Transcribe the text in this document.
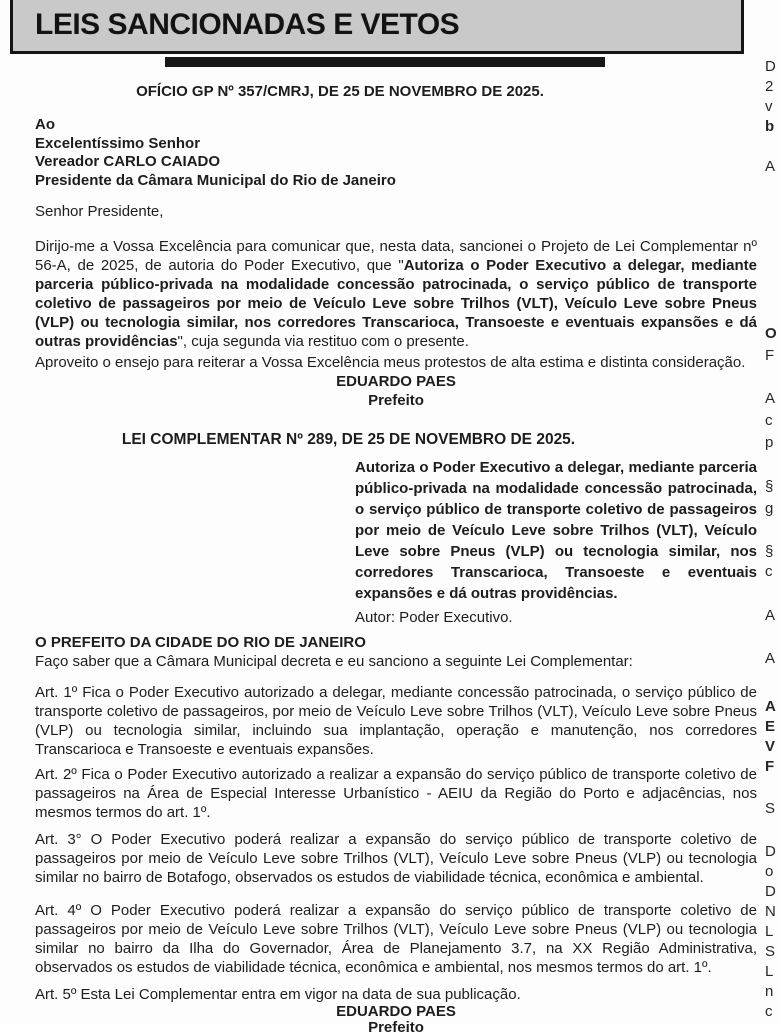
LEIS SANCIONADAS E VETOS
OFÍCIO GP Nº 357/CMRJ, DE 25 DE NOVEMBRO DE 2025.
Ao
Excelentíssimo Senhor
Vereador CARLO CAIADO
Presidente da Câmara Municipal do Rio de Janeiro
Senhor Presidente,
Dirijo-me a Vossa Excelência para comunicar que, nesta data, sancionei o Projeto de Lei Complementar nº 56-A, de 2025, de autoria do Poder Executivo, que "Autoriza o Poder Executivo a delegar, mediante parceria público-privada na modalidade concessão patrocinada, o serviço público de transporte coletivo de passageiros por meio de Veículo Leve sobre Trilhos (VLT), Veículo Leve sobre Pneus (VLP) ou tecnologia similar, nos corredores Transcarioca, Transoeste e eventuais expansões e dá outras providências", cuja segunda via restituo com o presente.
Aproveito o ensejo para reiterar a Vossa Excelência meus protestos de alta estima e distinta consideração.
EDUARDO PAES
Prefeito
LEI COMPLEMENTAR Nº 289, DE 25 DE NOVEMBRO DE 2025.
Autoriza o Poder Executivo a delegar, mediante parceria público-privada na modalidade concessão patrocinada, o serviço público de transporte coletivo de passageiros por meio de Veículo Leve sobre Trilhos (VLT), Veículo Leve sobre Pneus (VLP) ou tecnologia similar, nos corredores Transcarioca, Transoeste e eventuais expansões e dá outras providências.
Autor: Poder Executivo.
O PREFEITO DA CIDADE DO RIO DE JANEIRO
Faço saber que a Câmara Municipal decreta e eu sanciono a seguinte Lei Complementar:
Art. 1º Fica o Poder Executivo autorizado a delegar, mediante concessão patrocinada, o serviço público de transporte coletivo de passageiros, por meio de Veículo Leve sobre Trilhos (VLT), Veículo Leve sobre Pneus (VLP) ou tecnologia similar, incluindo sua implantação, operação e manutenção, nos corredores Transcarioca e Transoeste e eventuais expansões.
Art. 2º Fica o Poder Executivo autorizado a realizar a expansão do serviço público de transporte coletivo de passageiros na Área de Especial Interesse Urbanístico - AEIU da Região do Porto e adjacências, nos mesmos termos do art. 1º.
Art. 3° O Poder Executivo poderá realizar a expansão do serviço público de transporte coletivo de passageiros por meio de Veículo Leve sobre Trilhos (VLT), Veículo Leve sobre Pneus (VLP) ou tecnologia similar no bairro de Botafogo, observados os estudos de viabilidade técnica, econômica e ambiental.
Art. 4º O Poder Executivo poderá realizar a expansão do serviço público de transporte coletivo de passageiros por meio de Veículo Leve sobre Trilhos (VLT), Veículo Leve sobre Pneus (VLP) ou tecnologia similar no bairro da Ilha do Governador, Área de Planejamento 3.7, na XX Região Administrativa, observados os estudos de viabilidade técnica, econômica e ambiental, nos mesmos termos do art. 1º.
Art. 5º Esta Lei Complementar entra em vigor na data de sua publicação.
EDUARDO PAES
Prefeito
D
2
v
b
A
O
F
A
c
p
§
g
§
c
A
A
A
E
V
F
S
D
o
D
N
L
S
L
n
c
